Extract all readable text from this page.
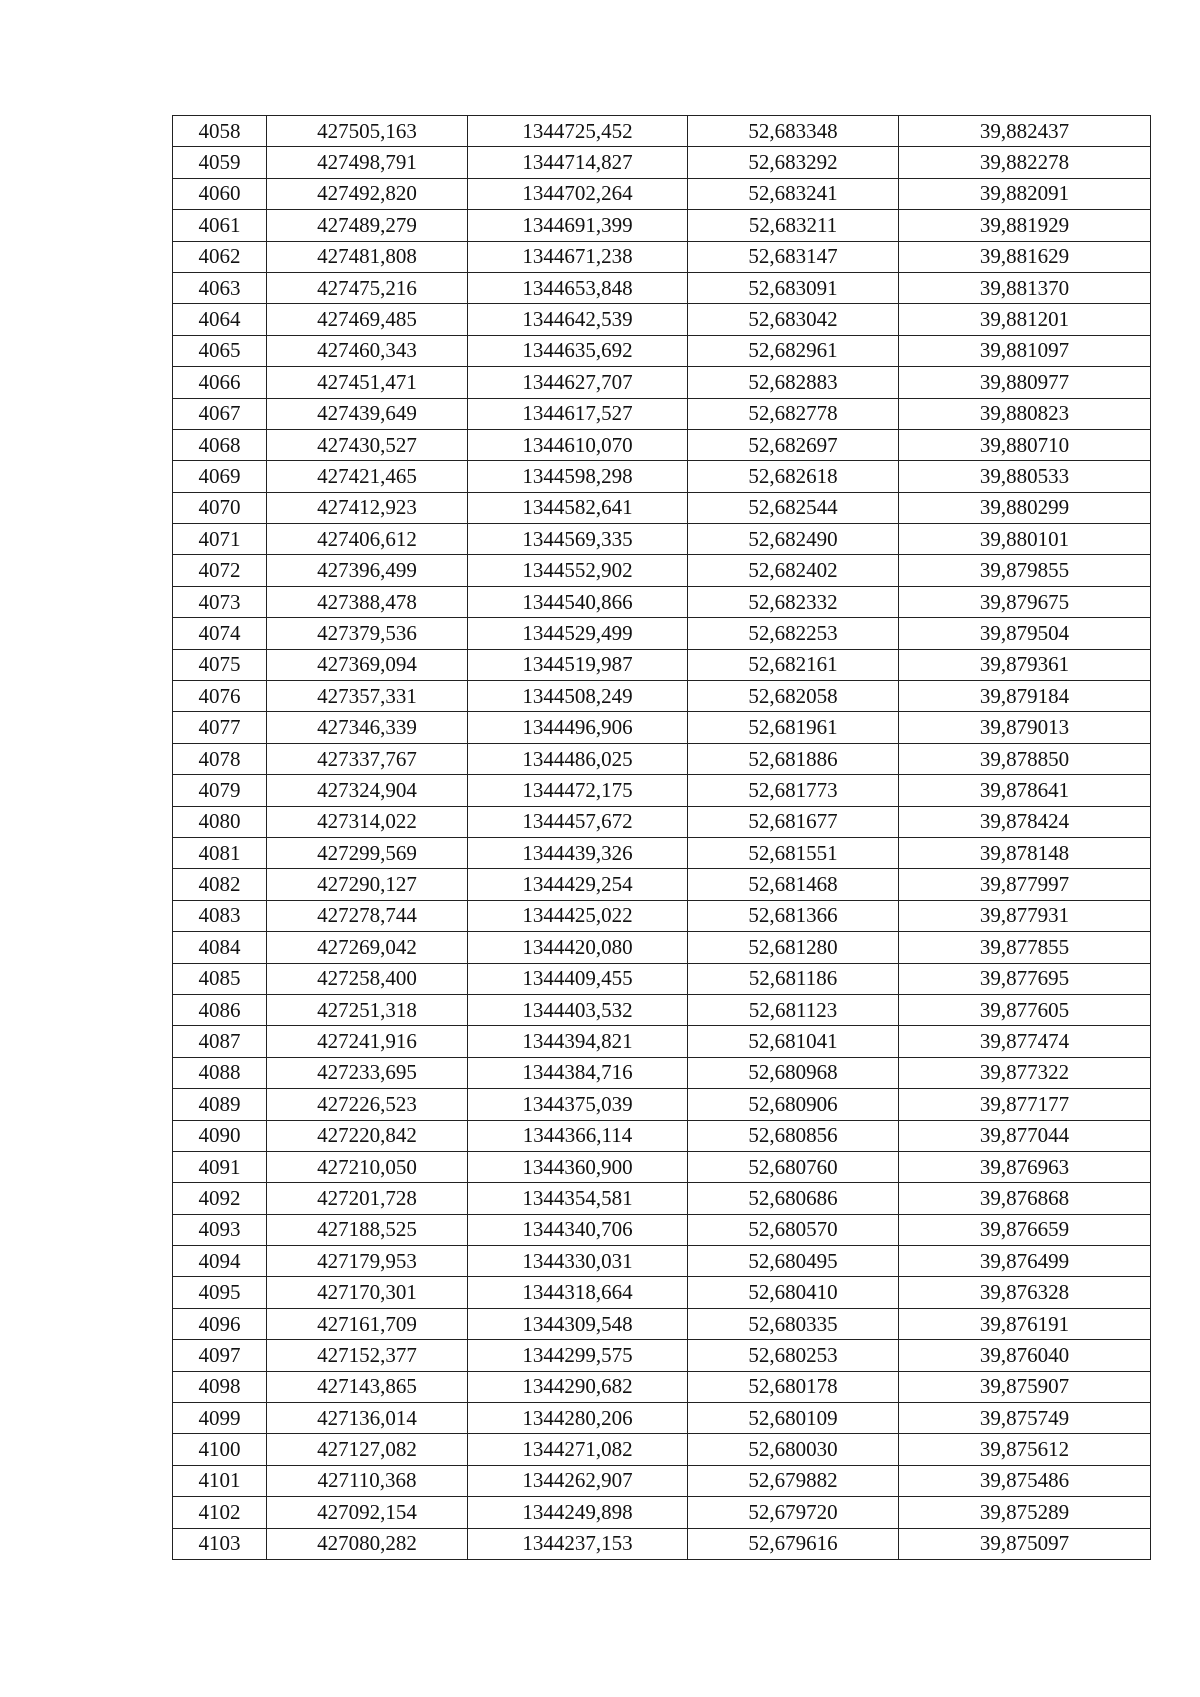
4058	427505,163	1344725,452	52,683348	39,882437
4059	427498,791	1344714,827	52,683292	39,882278
4060	427492,820	1344702,264	52,683241	39,882091
4061	427489,279	1344691,399	52,683211	39,881929
4062	427481,808	1344671,238	52,683147	39,881629
4063	427475,216	1344653,848	52,683091	39,881370
4064	427469,485	1344642,539	52,683042	39,881201
4065	427460,343	1344635,692	52,682961	39,881097
4066	427451,471	1344627,707	52,682883	39,880977
4067	427439,649	1344617,527	52,682778	39,880823
4068	427430,527	1344610,070	52,682697	39,880710
4069	427421,465	1344598,298	52,682618	39,880533
4070	427412,923	1344582,641	52,682544	39,880299
4071	427406,612	1344569,335	52,682490	39,880101
4072	427396,499	1344552,902	52,682402	39,879855
4073	427388,478	1344540,866	52,682332	39,879675
4074	427379,536	1344529,499	52,682253	39,879504
4075	427369,094	1344519,987	52,682161	39,879361
4076	427357,331	1344508,249	52,682058	39,879184
4077	427346,339	1344496,906	52,681961	39,879013
4078	427337,767	1344486,025	52,681886	39,878850
4079	427324,904	1344472,175	52,681773	39,878641
4080	427314,022	1344457,672	52,681677	39,878424
4081	427299,569	1344439,326	52,681551	39,878148
4082	427290,127	1344429,254	52,681468	39,877997
4083	427278,744	1344425,022	52,681366	39,877931
4084	427269,042	1344420,080	52,681280	39,877855
4085	427258,400	1344409,455	52,681186	39,877695
4086	427251,318	1344403,532	52,681123	39,877605
4087	427241,916	1344394,821	52,681041	39,877474
4088	427233,695	1344384,716	52,680968	39,877322
4089	427226,523	1344375,039	52,680906	39,877177
4090	427220,842	1344366,114	52,680856	39,877044
4091	427210,050	1344360,900	52,680760	39,876963
4092	427201,728	1344354,581	52,680686	39,876868
4093	427188,525	1344340,706	52,680570	39,876659
4094	427179,953	1344330,031	52,680495	39,876499
4095	427170,301	1344318,664	52,680410	39,876328
4096	427161,709	1344309,548	52,680335	39,876191
4097	427152,377	1344299,575	52,680253	39,876040
4098	427143,865	1344290,682	52,680178	39,875907
4099	427136,014	1344280,206	52,680109	39,875749
4100	427127,082	1344271,082	52,680030	39,875612
4101	427110,368	1344262,907	52,679882	39,875486
4102	427092,154	1344249,898	52,679720	39,875289
4103	427080,282	1344237,153	52,679616	39,875097
